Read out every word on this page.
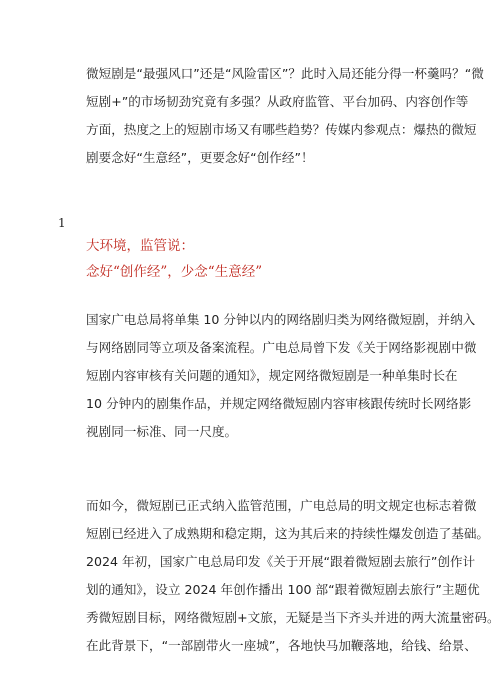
微短剧是“最强风口”还是“风险雷区”？此时入局还能分得一杯羹吗？“微
短剧+”的市场韧劲究竟有多强？从政府监管、平台加码、内容创作等
方面，热度之上的短剧市场又有哪些趋势？传媒内参观点：爆热的微短
剧要念好“生意经”，更要念好“创作经”！

1
大环境，监管说：
念好“创作经”，少念“生意经”

国家广电总局将单集 10 分钟以内的网络剧归类为网络微短剧，并纳入
与网络剧同等立项及备案流程。广电总局曾下发《关于网络影视剧中微
短剧内容审核有关问题的通知》，规定网络微短剧是一种单集时长在
10 分钟内的剧集作品，并规定网络微短剧内容审核跟传统时长网络影
视剧同一标准、同一尺度。

而如今，微短剧已正式纳入监管范围，广电总局的明文规定也标志着微
短剧已经进入了成熟期和稳定期，这为其后来的持续性爆发创造了基础。
2024 年初，国家广电总局印发《关于开展“跟着微短剧去旅行”创作计
划的通知》，设立 2024 年创作播出 100 部“跟着微短剧去旅行”主题优
秀微短剧目标，网络微短剧+文旅，无疑是当下齐头并进的两大流量密码。
在此背景下，“一部剧带火一座城”，各地快马加鞭落地，给钱、给景、
